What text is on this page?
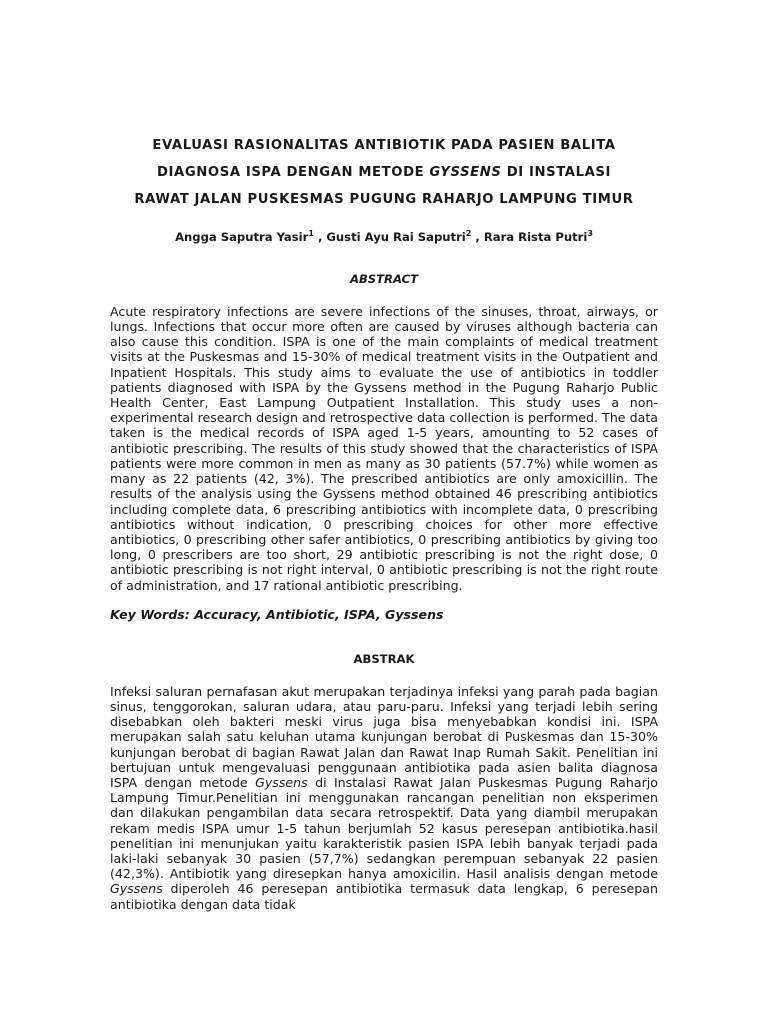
EVALUASI RASIONALITAS ANTIBIOTIK PADA PASIEN BALITA
DIAGNOSA ISPA DENGAN METODE GYSSENS DI INSTALASI
RAWAT JALAN PUSKESMAS PUGUNG RAHARJO LAMPUNG TIMUR
Angga Saputra Yasir$^1$ , Gusti Ayu Rai Saputri$^2$ , Rara Rista Putri$^3$
ABSTRACT

Acute respiratory infections are severe infections of the sinuses, throat, airways, or lungs. Infections that occur more often are caused by viruses although bacteria can also cause this condition. ISPA is one of the main complaints of medical treatment visits at the Puskesmas and 15-30% of medical treatment visits in the Outpatient and Inpatient Hospitals. This study aims to evaluate the use of antibiotics in toddler patients diagnosed with ISPA by the Gyssens method in the Pugung Raharjo Public Health Center, East Lampung Outpatient Installation. This study uses a non-experimental research design and retrospective data collection is performed. The data taken is the medical records of ISPA aged 1-5 years, amounting to 52 cases of antibiotic prescribing. The results of this study showed that the characteristics of ISPA patients were more common in men as many as 30 patients (57.7%) while women as many as 22 patients (42, 3%). The prescribed antibiotics are only amoxicillin. The results of the analysis using the Gyssens method obtained 46 prescribing antibiotics including complete data, 6 prescribing antibiotics with incomplete data, 0 prescribing antibiotics without indication, 0 prescribing choices for other more effective antibiotics, 0 prescribing other safer antibiotics, 0 prescribing antibiotics by giving too long, 0 prescribers are too short, 29 antibiotic prescribing is not the right dose, 0 antibiotic prescribing is not right interval, 0 antibiotic prescribing is not the right route of administration, and 17 rational antibiotic prescribing.

Key Words: Accuracy, Antibiotic, ISPA, Gyssens

ABSTRAK

Infeksi saluran pernafasan akut merupakan terjadinya infeksi yang parah pada bagian sinus, tenggorokan, saluran udara, atau paru-paru. Infeksi yang terjadi lebih sering disebabkan oleh bakteri meski virus juga bisa menyebabkan kondisi ini. ISPA merupakan salah satu keluhan utama kunjungan berobat di Puskesmas dan 15-30% kunjungan berobat di bagian Rawat Jalan dan Rawat Inap Rumah Sakit. Penelitian ini bertujuan untuk mengevaluasi penggunaan antibiotika pada asien balita diagnosa ISPA dengan metode Gyssens di Instalasi Rawat Jalan Puskesmas Pugung Raharjo Lampung Timur.Penelitian ini menggunakan rancangan penelitian non eksperimen dan dilakukan pengambilan data secara retrospektif. Data yang diambil merupakan rekam medis ISPA umur 1-5 tahun berjumlah 52 kasus peresepan antibiotika.hasil penelitian ini menunjukan yaitu karakteristik pasien ISPA lebih banyak terjadi pada laki-laki sebanyak 30 pasien (57,7%) sedangkan perempuan sebanyak 22 pasien (42,3%). Antibiotik yang diresepkan hanya amoxicilin. Hasil analisis dengan metode Gyssens diperoleh 46 peresepan antibiotika termasuk data lengkap, 6 peresepan antibiotika dengan data tidak
